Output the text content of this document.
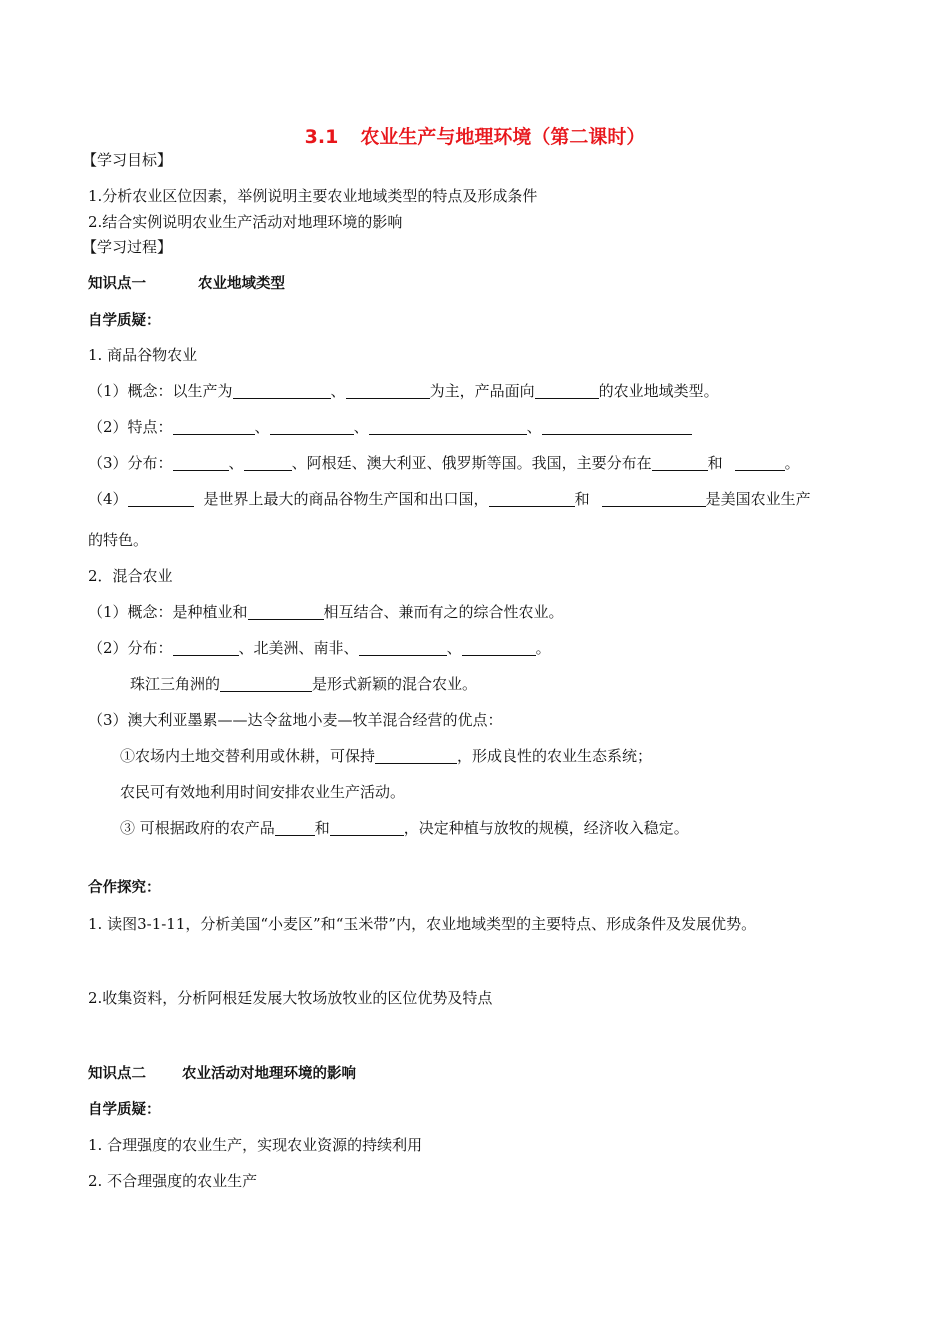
3.1 农业生产与地理环境（第二课时）
【学习目标】
1.分析农业区位因素，举例说明主要农业地域类型的特点及形成条件
2.结合实例说明农业生产活动对地理环境的影响
【学习过程】
知识点一	农业地域类型
自学质疑：
1. 商品谷物农业
（1）概念：以生产为	、	为主，产品面向	的农业地域类型。
（2）特点：	、	、	、
（3）分布：	、	、阿根廷、澳大利亚、俄罗斯等国。我国，主要分布在	和	。
（4）	是世界上最大的商品谷物生产国和出口国，	和	是美国农业生产
的特色。
2．混合农业
（1）概念：是种植业和	相互结合、兼而有之的综合性农业。
（2）分布：	、北美洲、南非、	、	。
珠江三角洲的	是形式新颖的混合农业。
（3）澳大利亚墨累——达令盆地小麦—牧羊混合经营的优点：
①农场内土地交替利用或休耕，可保持	，形成良性的农业生态系统；
农民可有效地利用时间安排农业生产活动。
③ 可根据政府的农产品	和	，决定种植与放牧的规模，经济收入稳定。
合作探究：
1. 读图3-1-11，分析美国“小麦区”和“玉米带”内，农业地域类型的主要特点、形成条件及发展优势。
2.收集资料，分析阿根廷发展大牧场放牧业的区位优势及特点
知识点二 农业活动对地理环境的影响
自学质疑：
1. 合理强度的农业生产，实现农业资源的持续利用
2. 不合理强度的农业生产
